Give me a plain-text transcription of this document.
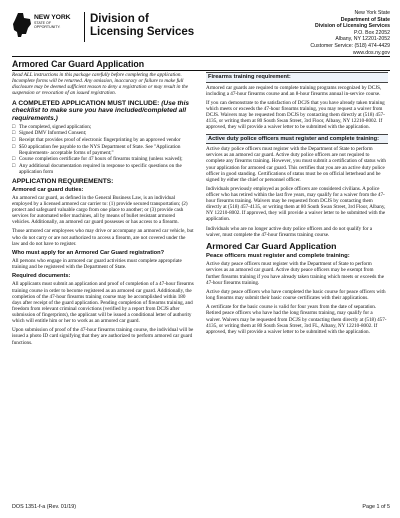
NEW YORK
STATE OF
OPPORTUNITY.
Division of
Licensing Services
New York State
Department of State
Division of Licensing Services
P.O. Box 22052
Albany, NY 12201-2052
Customer Service: (518) 474-4429
www.dos.ny.gov
Armored Car Guard Application

Read ALL instructions in this package carefully before completing the application. Incomplete forms will be returned. Any omission, inaccuracy or failure to make full disclosure may be deemed sufficient reason to deny a registration or may result in the suspension or revocation of an issued registration.

A COMPLETED APPLICATION MUST INCLUDE: (Use this checklist to make sure you have included/completed all requirements.)
□ The completed, signed application;
□ Signed DMV Informed Consent;
□ Receipt that provides proof of electronic fingerprinting by an approved vendor
□ $50 application fee payable to the NYS Department of State. See "Application Requirements- acceptable forms of payment;"
□ Course completion certificate for 47 hours of firearms training (unless waived);
□ Any additional documentation required in response to specific questions on the application form
APPLICATION REQUIREMENTS:
Armored car guard duties:

An armored car guard, as defined in the General Business Law, is an individual employed by a licensed armored car carrier to: (1) provide secured transportation; (2) protect and safeguard valuable cargo from one place to another; or (3) provide cash services for automated teller machines, all by means of bullet resistant armored vehicles. Additionally, an armored car guard possesses or has access to a firearm.

Those armored car employees who may drive or accompany an armored car vehicle, but who do not carry or are not authorized to access a firearm, are not covered under the law and do not have to register.

Who must apply for an Armored Car Guard registration?

All persons who engage in armored car guard activities must complete appropriate training and be registered with the Department of State.

Required documents:

All applicants must submit an application and proof of completion of a 47-hour firearms training course in order to become registered as an armored car guard. Additionally, the completion of the 47-hour firearms training course may be accomplished within 180 days after receipt of the guard application. Pending completion of firearms training, and freedom from relevant criminal convictions (verified by a report from DCJS after submission of fingerprints), the applicant will be issued a conditional letter of authority which will entitle him or her to work as an armored car guard.

Upon submission of proof of the 47-hour firearms training course, the individual will be issued a photo ID card signifying that they are authorized to perform armored car guard functions.

Firearms training requirement:

Armored car guards are required to complete training programs recognized by DCJS, including a 47-hour firearms course and an 8-hour firearms annual in-service course.

If you can demonstrate to the satisfaction of DCJS that you have already taken training which meets or exceeds the 47-hour firearms training, you may request a waiver from DCJS. Waivers may be requested from DCJS by contacting them directly at (518) 457-4135, or writing them at 80 South Swan Street, 3rd Floor, Albany, NY 12210-8002. If approved, they will provide a waiver letter to be submitted with the application.

Active duty police officers must register and complete training:

Active duty police officers must register with the Department of State to perform services as an armored car guard. Active duty police officers are not required to complete any firearms training. However, you must submit a certification of status with your application for armored car guard. This certifies that you are an active duty police officer in good standing. Certifications of status must be on official letterhead and be signed by either the chief or personnel officer.

Individuals previously employed as police officers are considered civilians. A police officer who has retired within the last five years, may qualify for a waiver from the 47-hour firearms training. Waivers may be requested from DCJS by contacting them directly at (518) 457-4135, or writing them at 80 South Swan Street, 3rd Floor, Albany, NY 12210-8002. If approved, they will provide a waiver letter to be submitted with the application.

Individuals who are no longer active duty police officers and do not qualify for a waiver, must complete the 47-hour firearms training course.

Armored Car Guard Application
Peace officers must register and complete training:

Active duty peace officers must register with the Department of State to perform services as an armored car guard. Active duty peace officers may be exempt from further firearms training if you have already taken training which meets or exceeds the 47-hour firearms training.

Active duty peace officers who have completed the basic course for peace officers with long firearms may submit their basic course certificates with their applications.

A certificate for the basic course is valid for four years from the date of separation. Retired peace officers who have had the long firearms training, may qualify for a waiver. Waivers may be requested from DCJS by contacting them directly at (518) 457-4135, or writing them at 80 South Swan Street, 3rd FL, Albany, NY 12210-8002. If approved, they will provide a waiver letter to be submitted with the application.

DOS 1351-f-a (Rev. 01/19)	Page 1 of 5
